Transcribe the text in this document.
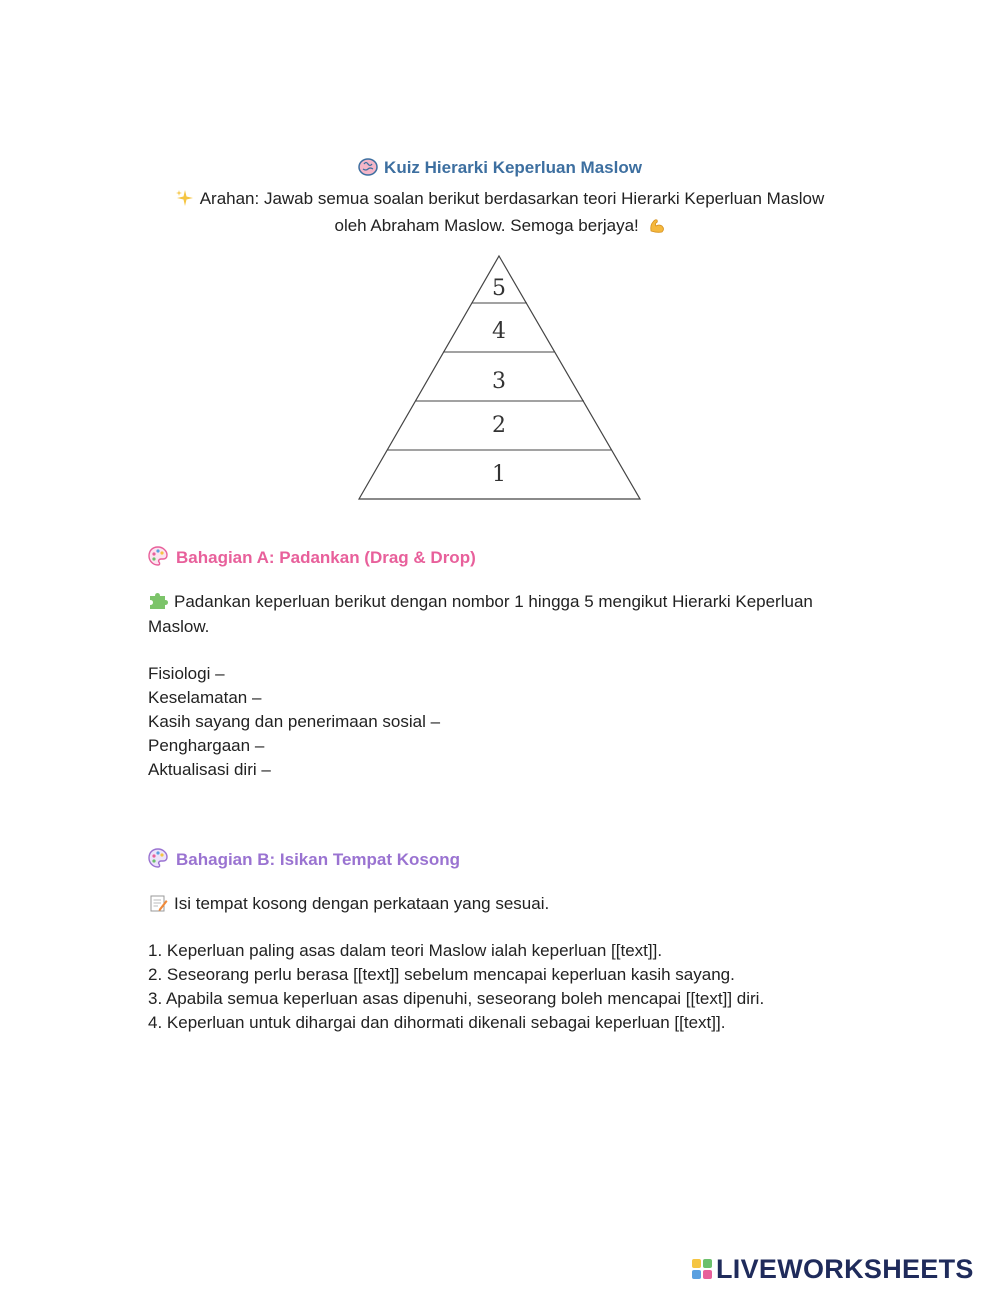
Kuiz Hierarki Keperluan Maslow
Arahan: Jawab semua soalan berikut berdasarkan teori Hierarki Keperluan Maslow
oleh Abraham Maslow. Semoga berjaya!
5
4
3
2
1
Bahagian A: Padankan (Drag & Drop)
Padankan keperluan berikut dengan nombor 1 hingga 5 mengikut Hierarki Keperluan Maslow.
Fisiologi –
Keselamatan –
Kasih sayang dan penerimaan sosial –
Penghargaan –
Aktualisasi diri –
Bahagian B: Isikan Tempat Kosong
Isi tempat kosong dengan perkataan yang sesuai.
1. Keperluan paling asas dalam teori Maslow ialah keperluan [[text]].
2. Seseorang perlu berasa [[text]] sebelum mencapai keperluan kasih sayang.
3. Apabila semua keperluan asas dipenuhi, seseorang boleh mencapai [[text]] diri.
4. Keperluan untuk dihargai dan dihormati dikenali sebagai keperluan [[text]].
LIVEWORKSHEETS
